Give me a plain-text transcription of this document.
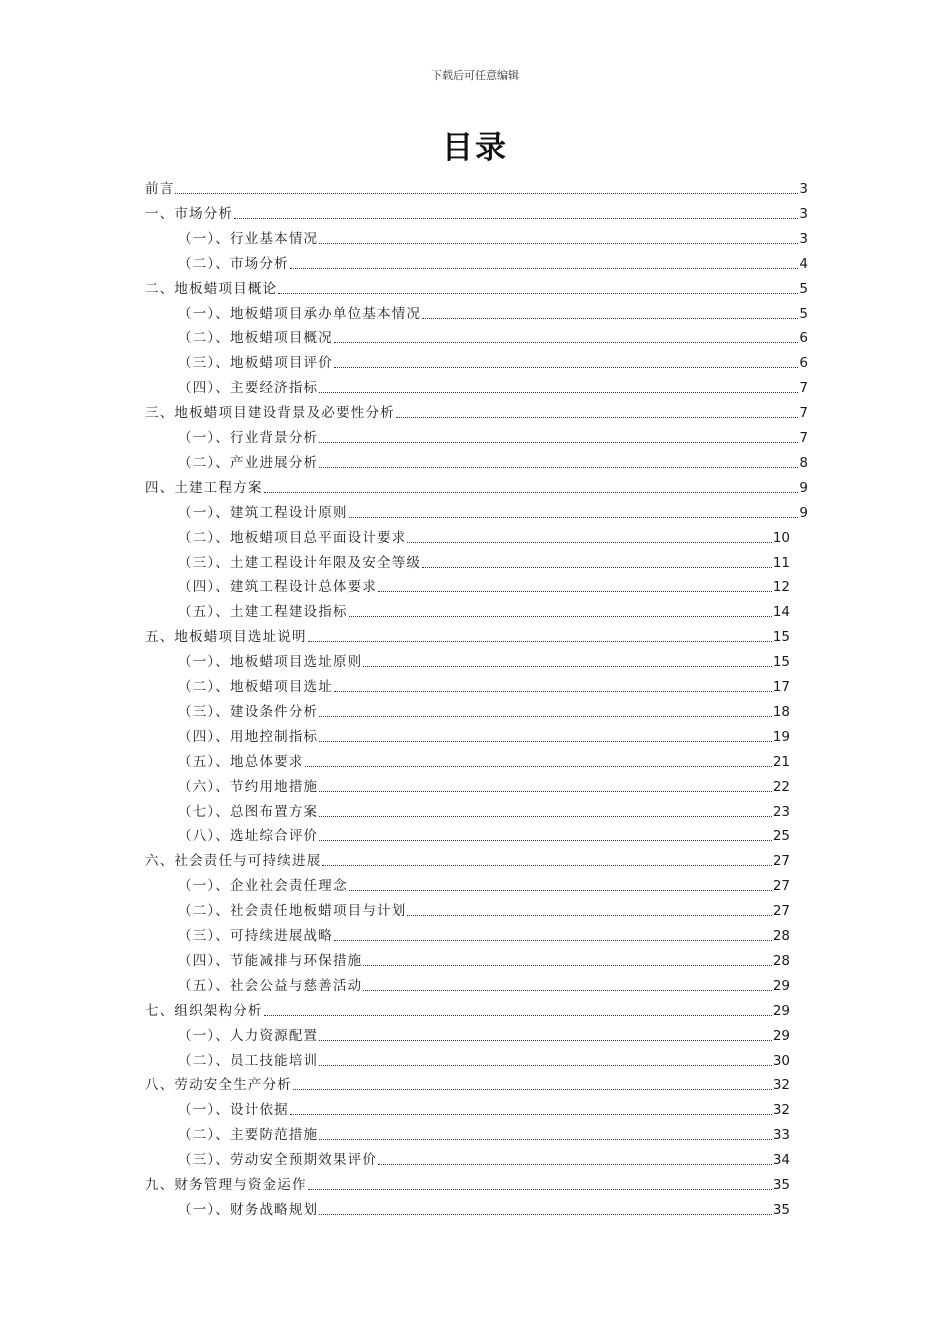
下载后可任意编辑
目录
前言	3
一、市场分析	3
（一）、行业基本情况	3
（二）、市场分析	4
二、地板蜡项目概论	5
（一）、地板蜡项目承办单位基本情况	5
（二）、地板蜡项目概况	6
（三）、地板蜡项目评价	6
（四）、主要经济指标	7
三、地板蜡项目建设背景及必要性分析	7
（一）、行业背景分析	7
（二）、产业进展分析	8
四、土建工程方案	9
（一）、建筑工程设计原则	9
（二）、地板蜡项目总平面设计要求	10
（三）、土建工程设计年限及安全等级	11
（四）、建筑工程设计总体要求	12
（五）、土建工程建设指标	14
五、地板蜡项目选址说明	15
（一）、地板蜡项目选址原则	15
（二）、地板蜡项目选址	17
（三）、建设条件分析	18
（四）、用地控制指标	19
（五）、地总体要求	21
（六）、节约用地措施	22
（七）、总图布置方案	23
（八）、选址综合评价	25
六、社会责任与可持续进展	27
（一）、企业社会责任理念	27
（二）、社会责任地板蜡项目与计划	27
（三）、可持续进展战略	28
（四）、节能减排与环保措施	28
（五）、社会公益与慈善活动	29
七、组织架构分析	29
（一）、人力资源配置	29
（二）、员工技能培训	30
八、劳动安全生产分析	32
（一）、设计依据	32
（二）、主要防范措施	33
（三）、劳动安全预期效果评价	34
九、财务管理与资金运作	35
（一）、财务战略规划	35
